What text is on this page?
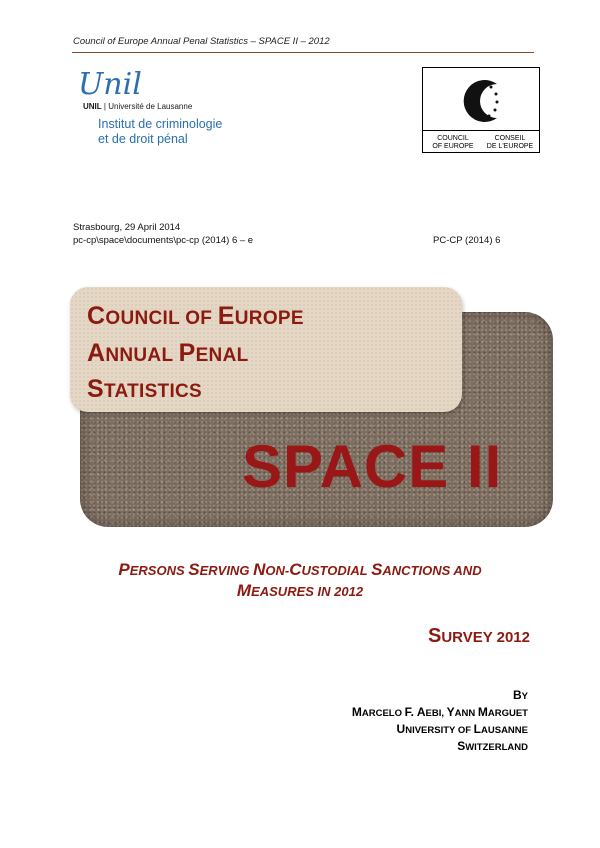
Council of Europe Annual Penal Statistics – SPACE II – 2012
Unil
UNIL | Université de Lausanne
Institut de criminologie
et de droit pénal	COUNCIL
OF EUROPE
CONSEIL
DE L'EUROPE
Strasbourg, 29 April 2014
pc-cp\space\documents\pc-cp (2014) 6 – e	PC-CP (2014) 6
COUNCIL OF EUROPE
ANNUAL PENAL
STATISTICS
SPACE II
PERSONS SERVING NON-CUSTODIAL SANCTIONS AND
MEASURES IN 2012
SURVEY 2012
BY
MARCELO F. AEBI, YANN MARGUET
UNIVERSITY OF LAUSANNE
SWITZERLAND
